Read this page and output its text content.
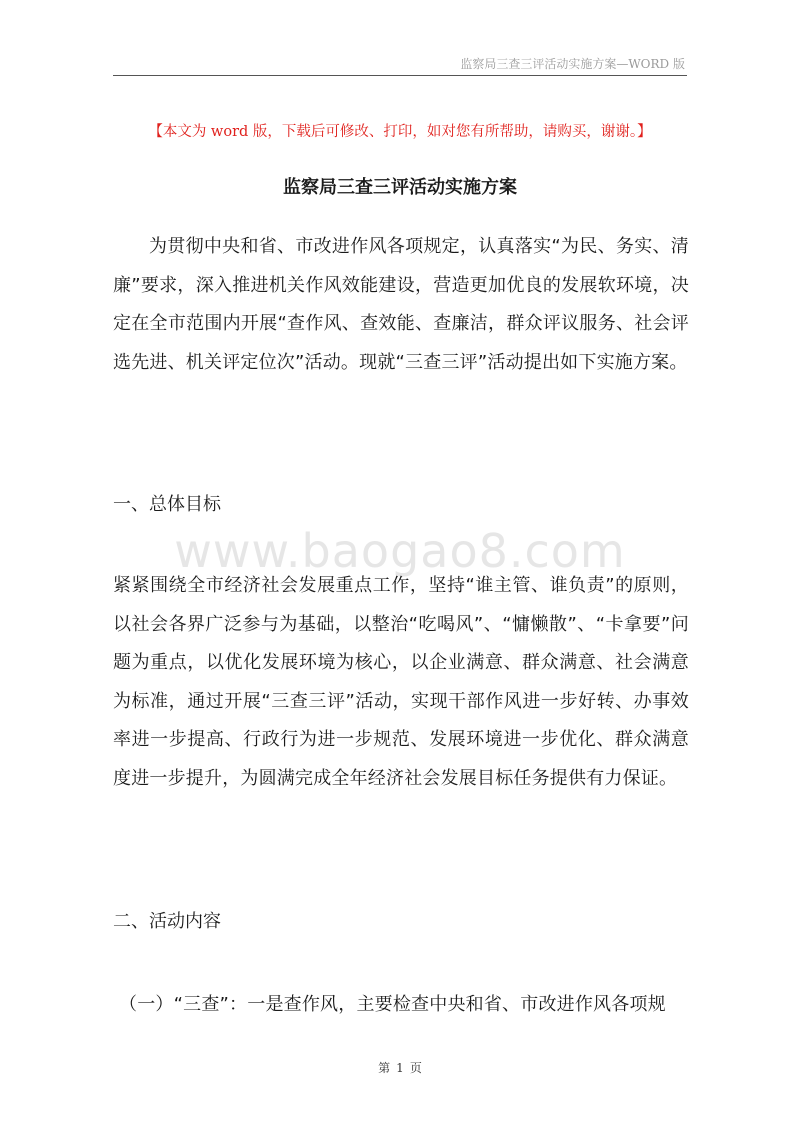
监察局三查三评活动实施方案—WORD 版
【本文为 word 版，下载后可修改、打印，如对您有所帮助，请购买，谢谢。】
监察局三查三评活动实施方案

为贯彻中央和省、市改进作风各项规定，认真落实“为民、务实、清廉”要求，深入推进机关作风效能建设，营造更加优良的发展软环境，决定在全市范围内开展“查作风、查效能、查廉洁，群众评议服务、社会评选先进、机关评定位次”活动。现就“三查三评”活动提出如下实施方案。

一、总体目标

www.baogao8.com

紧紧围绕全市经济社会发展重点工作，坚持“谁主管、谁负责”的原则，以社会各界广泛参与为基础，以整治“吃喝风”、“慵懒散”、“卡拿要”问题为重点，以优化发展环境为核心，以企业满意、群众满意、社会满意为标准，通过开展“三查三评”活动，实现干部作风进一步好转、办事效率进一步提高、行政行为进一步规范、发展环境进一步优化、群众满意度进一步提升，为圆满完成全年经济社会发展目标任务提供有力保证。

二、活动内容

（一）“三查”：一是查作风，主要检查中央和省、市改进作风各项规

第 1 页
